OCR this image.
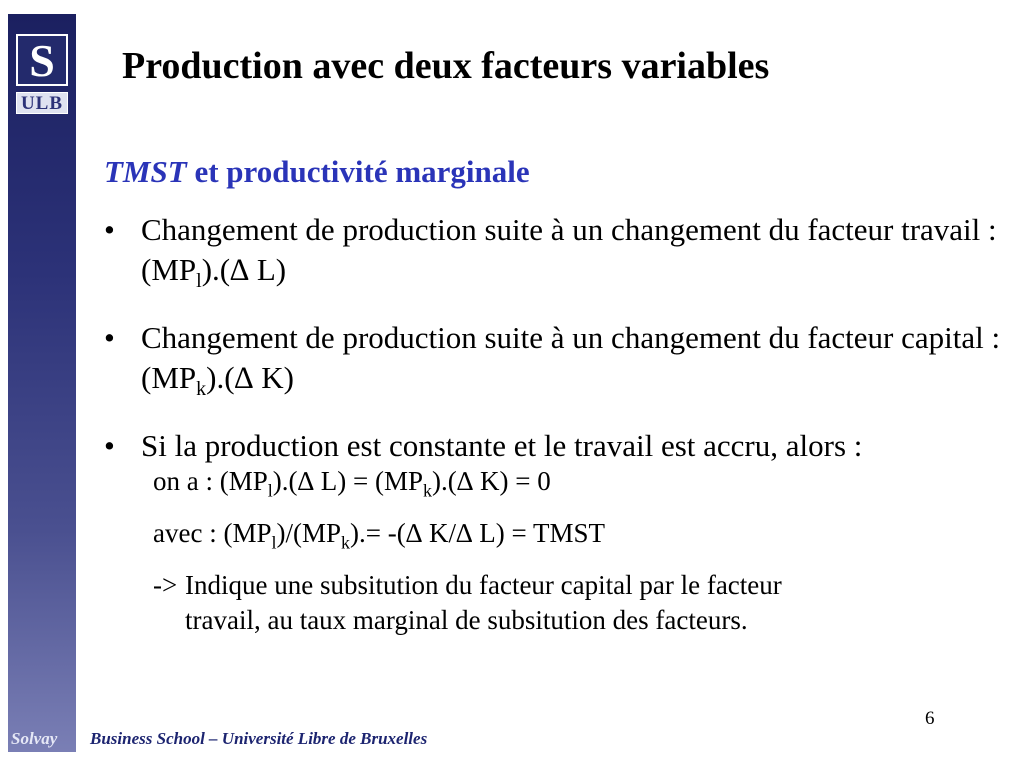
S
ULB
Production avec deux facteurs variables
TMST et productivité marginale
• Changement de production suite à un changement du facteur travail : $(MP_l).(\Delta$ L)
• Changement de production suite à un changement du facteur capital : $(MP_k).(\Delta$ K)
• Si la production est constante et le travail est accru, alors :
on a : $(MP_l).(\Delta$ $L) = (MP_k).(\Delta$ K) = 0
avec : $(MP_l)/(MP_k).=$ -(∆ K/∆ L) = TMST
-> Indique une subsitution du facteur capital par le facteur
travail, au taux marginal de subsitution des facteurs.
Solvay Business School – Université Libre de Bruxelles
6
